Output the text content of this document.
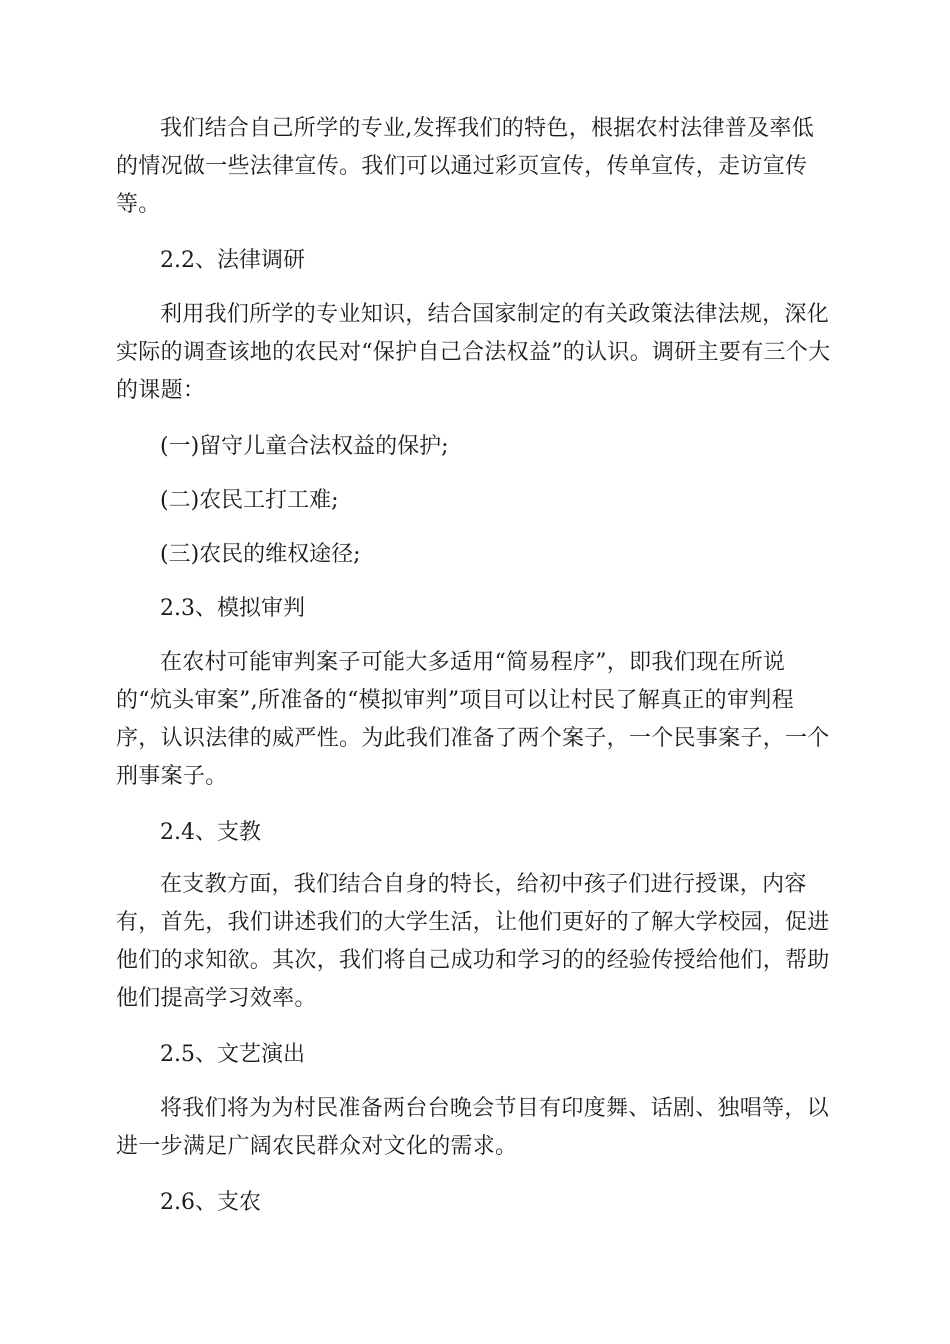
我们结合自己所学的专业,发挥我们的特色，根据农村法律普及率低的情况做一些法律宣传。我们可以通过彩页宣传，传单宣传，走访宣传等。

2.2、法律调研

利用我们所学的专业知识，结合国家制定的有关政策法律法规，深化实际的调查该地的农民对“保护自己合法权益”的认识。调研主要有三个大的课题：

(一)留守儿童合法权益的保护;

(二)农民工打工难;

(三)农民的维权途径;

2.3、模拟审判

在农村可能审判案子可能大多适用“简易程序”，即我们现在所说的“炕头审案”,所准备的“模拟审判”项目可以让村民了解真正的审判程序，认识法律的威严性。为此我们准备了两个案子，一个民事案子，一个刑事案子。

2.4、支教

在支教方面，我们结合自身的特长，给初中孩子们进行授课，内容有，首先，我们讲述我们的大学生活，让他们更好的了解大学校园，促进他们的求知欲。其次，我们将自己成功和学习的的经验传授给他们，帮助他们提高学习效率。

2.5、文艺演出

将我们将为为村民准备两台台晚会节目有印度舞、话剧、独唱等，以进一步满足广阔农民群众对文化的需求。

2.6、支农
